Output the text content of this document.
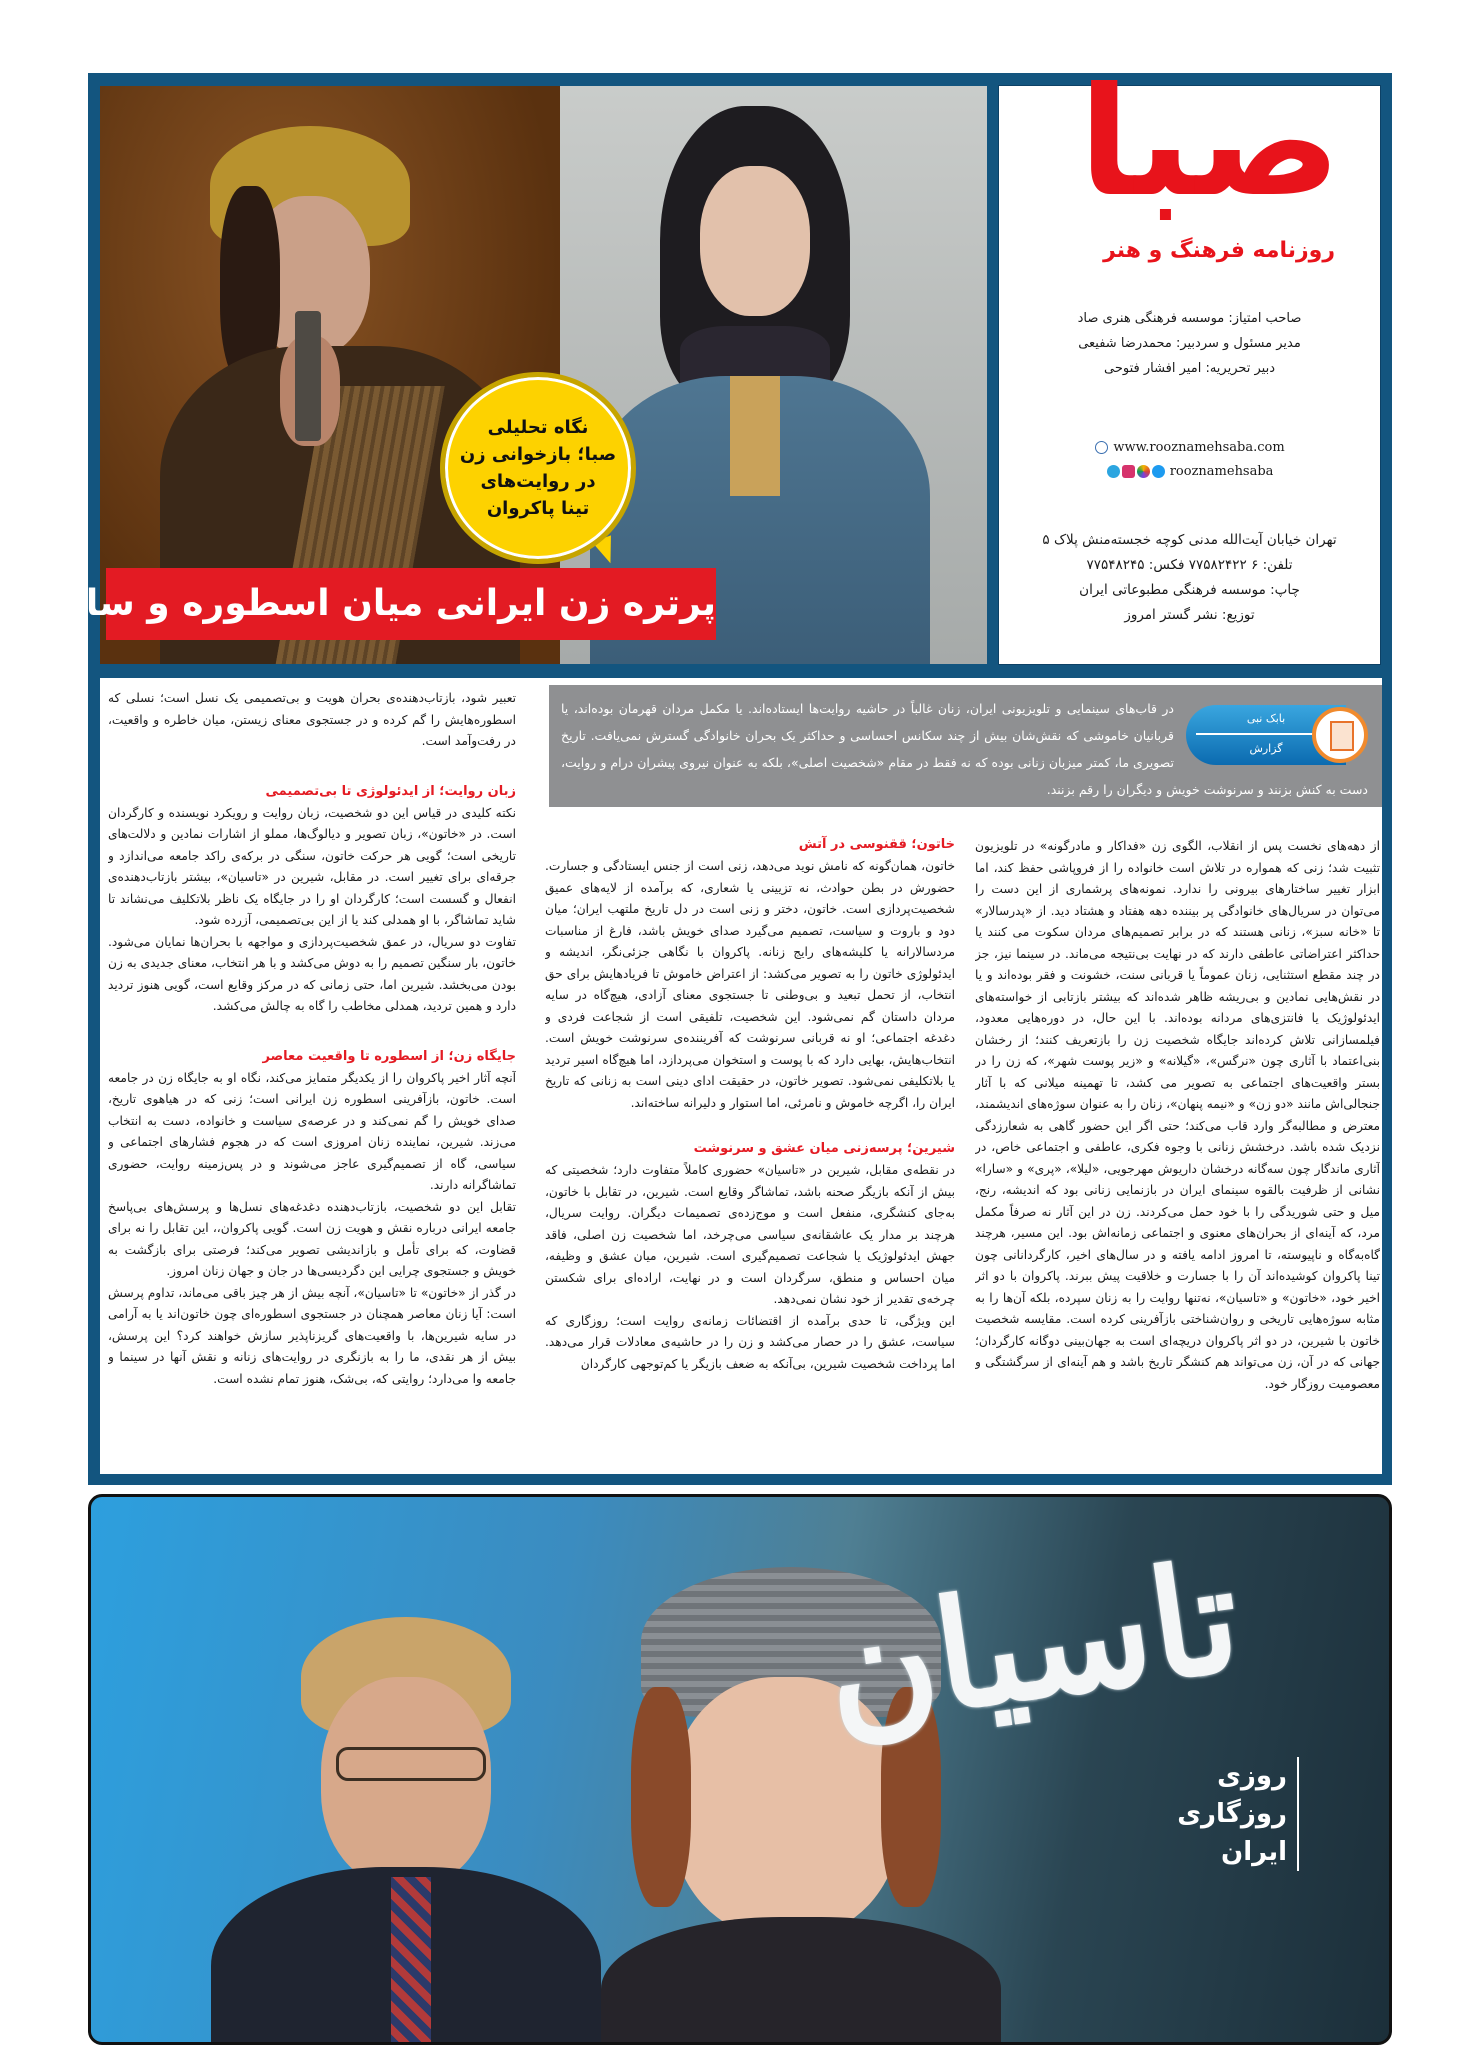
نگاه تحلیلی
صبا؛ بازخوانی زن
در روایت‌های
تینا پاکروان
پرتره زن ایرانی میان اسطوره و سایه
صبا
روزنامه فرهنگ و هنر
صاحب امتیاز: موسسه فرهنگی هنری صاد
مدیر مسئول و سردبیر: محمدرضا شفیعی
دبیر تحریریه: امیر افشار فتوحی
www.rooznamehsaba.com
rooznamehsaba
تهران خیابان آیت‌الله مدنی کوچه خجسته‌منش پلاک ۵
تلفن: ۶ ۷۷۵۸۲۴۲۲ فکس: ۷۷۵۴۸۲۴۵
چاپ: موسسه فرهنگی مطبوعاتی ایران
توزیع: نشر گستر امروز
بابک نبی
گزارش
در قاب‌های سینمایی و تلویزیونی ایران، زنان غالباً در حاشیه روایت‌ها ایستاده‌اند. یا مکمل مردان قهرمان بوده‌اند، یا قربانیان خاموشی که نقش‌شان بیش از چند سکانس احساسی و حداکثر یک بحران خانوادگی گسترش نمی‌یافت. تاریخ تصویری ما، کمتر میزبان زنانی بوده که نه فقط در مقام «شخصیت اصلی»، بلکه به عنوان نیروی پیشران درام و روایت، دست به کنش بزنند و سرنوشت خویش و دیگران را رقم بزنند.

از دهه‌های نخست پس از انقلاب، الگوی زن «فداکار و مادرگونه» در تلویزیون تثبیت شد؛ زنی که همواره در تلاش است خانواده را از فروپاشی حفظ کند، اما ابزار تغییر ساختارهای بیرونی را ندارد. نمونه‌های پرشماری از این دست را می‌توان در سریال‌های خانوادگی پر بیننده دهه هفتاد و هشتاد دید. از «پدرسالار» تا «خانه سبز»، زنانی هستند که در برابر تصمیم‌های مردان سکوت می کنند یا حداکثر اعتراضاتی عاطفی دارند که در نهایت بی‌نتیجه می‌ماند. در سینما نیز، جز در چند مقطع استثنایی، زنان عموماً یا قربانی سنت، خشونت و فقر بوده‌اند و یا در نقش‌هایی نمادین و بی‌ریشه ظاهر شده‌اند که بیشتر بازتابی از خواسته‌های ایدئولوژیک یا فانتزی‌های مردانه بوده‌اند. با این حال، در دوره‌هایی معدود، فیلمسازانی تلاش کرده‌اند جایگاه شخصیت زن را بازتعریف کنند؛ از رخشان بنی‌اعتماد با آثاری چون «نرگس»، «گیلانه» و «زیر پوست شهر»، که زن را در بستر واقعیت‌های اجتماعی به تصویر می کشد، تا تهمینه میلانی که با آثار جنجالی‌اش مانند «دو زن» و «نیمه پنهان»، زنان را به عنوان سوژه‌های اندیشمند، معترض و مطالبه‌گر وارد قاب می‌کند؛ حتی اگر این حضور گاهی به شعارزدگی نزدیک شده باشد. درخشش زنانی با وجوه فکری، عاطفی و اجتماعی خاص، در آثاری ماندگار چون سه‌گانه درخشان داریوش مهرجویی، «لیلا»، «پری» و «سارا» نشانی از ظرفیت بالقوه سینمای ایران در بازنمایی زنانی بود که اندیشه، رنج، میل و حتی شوریدگی را با خود حمل می‌کردند. زن در این آثار نه صرفاً مکمل مرد، که آینه‌ای از بحران‌های معنوی و اجتماعی زمانه‌اش بود. این مسیر، هرچند گاه‌به‌گاه و ناپیوسته، تا امروز ادامه یافته و در سال‌های اخیر، کارگردانانی چون تینا پاکروان کوشیده‌اند آن را با جسارت و خلاقیت پیش ببرند. پاکروان با دو اثر اخیر خود، «خاتون» و «تاسیان»، نه‌تنها روایت را به زنان سپرده، بلکه آن‌ها را به مثابه سوژه‌هایی تاریخی و روان‌شناختی بازآفرینی کرده است. مقایسه شخصیت خاتون با شیرین، در دو اثر پاکروان دریچه‌ای است به جهان‌بینی دوگانه کارگردان؛ جهانی که در آن، زن می‌تواند هم کنشگر تاریخ باشد و هم آینه‌ای از سرگشتگی و معصومیت روزگار خود.

خاتون؛ ققنوسی در آتش

خاتون، همان‌گونه که نامش نوید می‌دهد، زنی است از جنس ایستادگی و جسارت. حضورش در بطن حوادث، نه تزیینی یا شعاری، که برآمده از لایه‌های عمیق شخصیت‌پردازی است. خاتون، دختر و زنی است در دل تاریخ ملتهب ایران؛ میان دود و باروت و سیاست، تصمیم می‌گیرد صدای خویش باشد، فارغ از مناسبات مردسالارانه یا کلیشه‌های رایج زنانه. پاکروان با نگاهی جزئی‌نگر، اندیشه و ایدئولوژی خاتون را به تصویر می‌کشد: از اعتراض خاموش تا فریادهایش برای حق انتخاب، از تحمل تبعید و بی‌وطنی تا جستجوی معنای آزادی، هیچ‌گاه در سایه مردان داستان گم نمی‌شود. این شخصیت، تلفیقی است از شجاعت فردی و دغدغه اجتماعی؛ او نه قربانی سرنوشت که آفریننده‌ی سرنوشت خویش است. انتخاب‌هایش، بهایی دارد که با پوست و استخوان می‌پردازد، اما هیچ‌گاه اسیر تردید یا بلاتکلیفی نمی‌شود. تصویر خاتون، در حقیقت ادای دینی است به زنانی که تاریخ ایران را، اگرچه خاموش و نامرئی، اما استوار و دلیرانه ساخته‌اند.

شیرین؛ پرسه‌زنی میان عشق و سرنوشت

در نقطه‌ی مقابل، شیرین در «تاسیان» حضوری کاملاً متفاوت دارد؛ شخصیتی که بیش از آنکه بازیگر صحنه باشد، تماشاگر وقایع است. شیرین، در تقابل با خاتون، به‌جای کنشگری، منفعل است و موج‌زده‌ی تصمیمات دیگران. روایت سریال، هرچند بر مدار یک عاشقانه‌ی سیاسی می‌چرخد، اما شخصیت زن اصلی، فاقد جهش ایدئولوژیک یا شجاعت تصمیم‌گیری است. شیرین، میان عشق و وظیفه، میان احساس و منطق، سرگردان است و در نهایت، اراده‌ای برای شکستن چرخه‌ی تقدیر از خود نشان نمی‌دهد.

این ویژگی، تا حدی برآمده از اقتضائات زمانه‌ی روایت است؛ روزگاری که سیاست، عشق را در حصار می‌کشد و زن را در حاشیه‌ی معادلات قرار می‌دهد. اما پرداخت شخصیت شیرین، بی‌آنکه به ضعف بازیگر یا کم‌توجهی کارگردان

تعبیر شود، بازتاب‌دهنده‌ی بحران هویت و بی‌تصمیمی یک نسل است؛ نسلی که اسطوره‌هایش را گم کرده و در جستجوی معنای زیستن، میان خاطره و واقعیت، در رفت‌وآمد است.

زبان روایت؛ از ایدئولوژی تا بی‌تصمیمی

نکته کلیدی در قیاس این دو شخصیت، زبان روایت و رویکرد نویسنده و کارگردان است. در «خاتون»، زبان تصویر و دیالوگ‌ها، مملو از اشارات نمادین و دلالت‌های تاریخی است؛ گویی هر حرکت خاتون، سنگی در برکه‌ی راکد جامعه می‌اندازد و جرقه‌ای برای تغییر است. در مقابل، شیرین در «تاسیان»، بیشتر بازتاب‌دهنده‌ی انفعال و گسست است؛ کارگردان او را در جایگاه یک ناظر بلاتکلیف می‌نشاند تا شاید تماشاگر، با او همدلی کند یا از این بی‌تصمیمی، آزرده شود.

تفاوت دو سریال، در عمق شخصیت‌پردازی و مواجهه با بحران‌ها نمایان می‌شود. خاتون، بار سنگین تصمیم را به دوش می‌کشد و با هر انتخاب، معنای جدیدی به زن بودن می‌بخشد. شیرین اما، حتی زمانی که در مرکز وقایع است، گویی هنوز تردید دارد و همین تردید، همدلی مخاطب را گاه به چالش می‌کشد.

جایگاه زن؛ از اسطوره تا واقعیت معاصر

آنچه آثار اخیر پاکروان را از یکدیگر متمایز می‌کند، نگاه او به جایگاه زن در جامعه است. خاتون، بازآفرینی اسطوره زن ایرانی است؛ زنی که در هیاهوی تاریخ، صدای خویش را گم نمی‌کند و در عرصه‌ی سیاست و خانواده، دست به انتخاب می‌زند. شیرین، نماینده زنان امروزی است که در هجوم فشارهای اجتماعی و سیاسی، گاه از تصمیم‌گیری عاجز می‌شوند و در پس‌زمینه روایت، حضوری تماشاگرانه دارند.

تقابل این دو شخصیت، بازتاب‌دهنده دغدغه‌های نسل‌ها و پرسش‌های بی‌پاسخ جامعه ایرانی درباره نقش و هویت زن است. گویی پاکروان،، این تقابل را نه برای قضاوت، که برای تأمل و بازاندیشی تصویر می‌کند؛ فرصتی برای بازگشت به خویش و جستجوی چرایی این دگردیسی‌ها در جان و جهان زنان امروز.

در گذر از «خاتون» تا «تاسیان»، آنچه بیش از هر چیز باقی می‌ماند، تداوم پرسش است: آیا زنان معاصر همچنان در جستجوی اسطوره‌ای چون خاتون‌اند یا به آرامی در سایه شیرین‌ها، با واقعیت‌های گریزناپذیر سازش خواهند کرد؟ این پرسش، بیش از هر نقدی، ما را به بازنگری در روایت‌های زنانه و نقش آنها در سینما و جامعه وا می‌دارد؛ روایتی که، بی‌شک، هنوز تمام نشده است.

تاسیان
روزی
روزگاری
ایران
